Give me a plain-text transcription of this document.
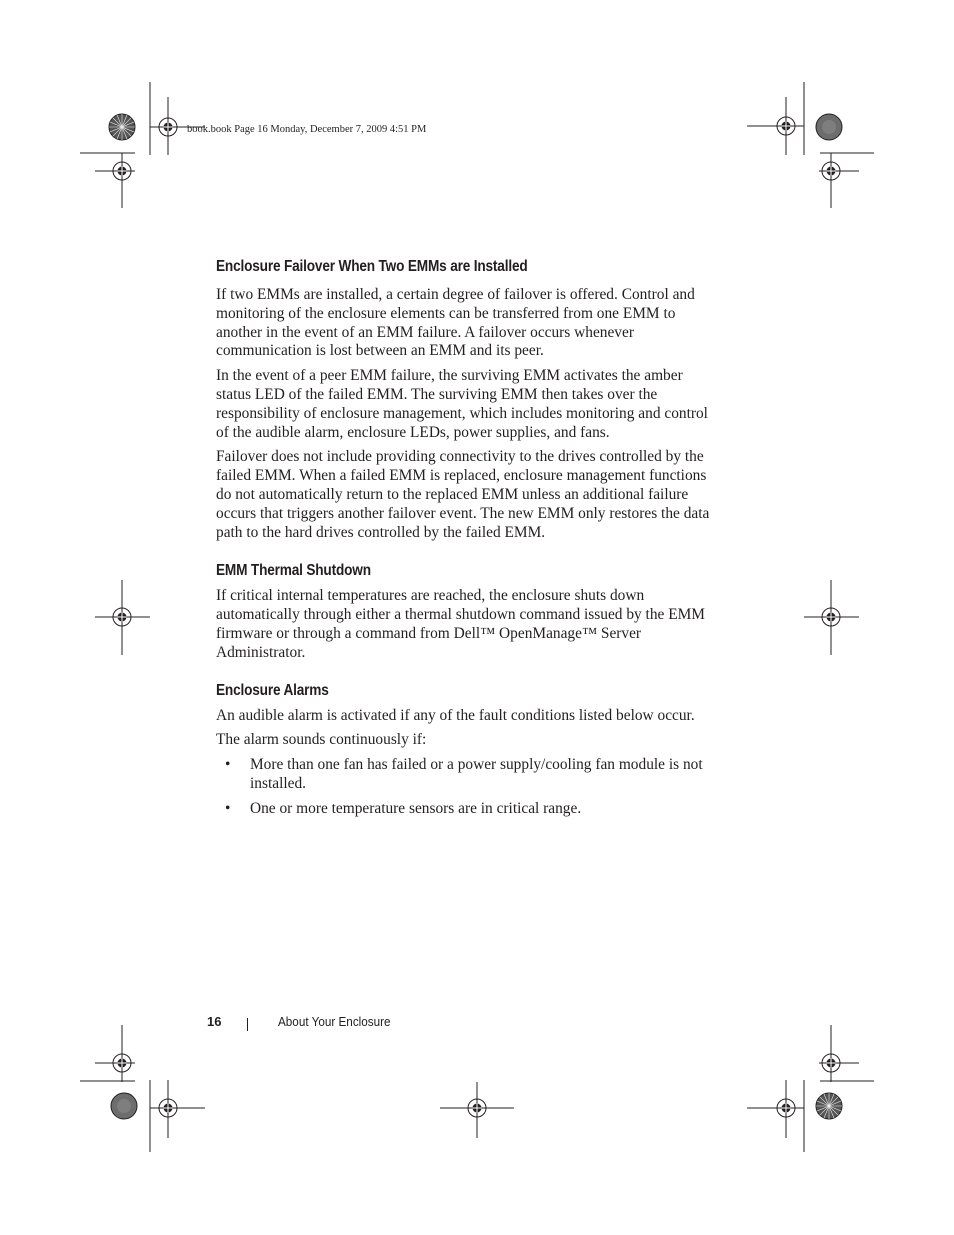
book.book Page 16 Monday, December 7, 2009 4:51 PM
Enclosure Failover When Two EMMs are Installed

If two EMMs are installed, a certain degree of failover is offered. Control and monitoring of the enclosure elements can be transferred from one EMM to another in the event of an EMM failure. A failover occurs whenever communication is lost between an EMM and its peer.

In the event of a peer EMM failure, the surviving EMM activates the amber status LED of the failed EMM. The surviving EMM then takes over the responsibility of enclosure management, which includes monitoring and control of the audible alarm, enclosure LEDs, power supplies, and fans.

Failover does not include providing connectivity to the drives controlled by the failed EMM. When a failed EMM is replaced, enclosure management functions do not automatically return to the replaced EMM unless an additional failure occurs that triggers another failover event. The new EMM only restores the data path to the hard drives controlled by the failed EMM.

EMM Thermal Shutdown

If critical internal temperatures are reached, the enclosure shuts down automatically through either a thermal shutdown command issued by the EMM firmware or through a command from Dell™ OpenManage™ Server Administrator.

Enclosure Alarms

An audible alarm is activated if any of the fault conditions listed below occur.

The alarm sounds continuously if:

• More than one fan has failed or a power supply/cooling fan module is not installed.
• One or more temperature sensors are in critical range.
16	About Your Enclosure
